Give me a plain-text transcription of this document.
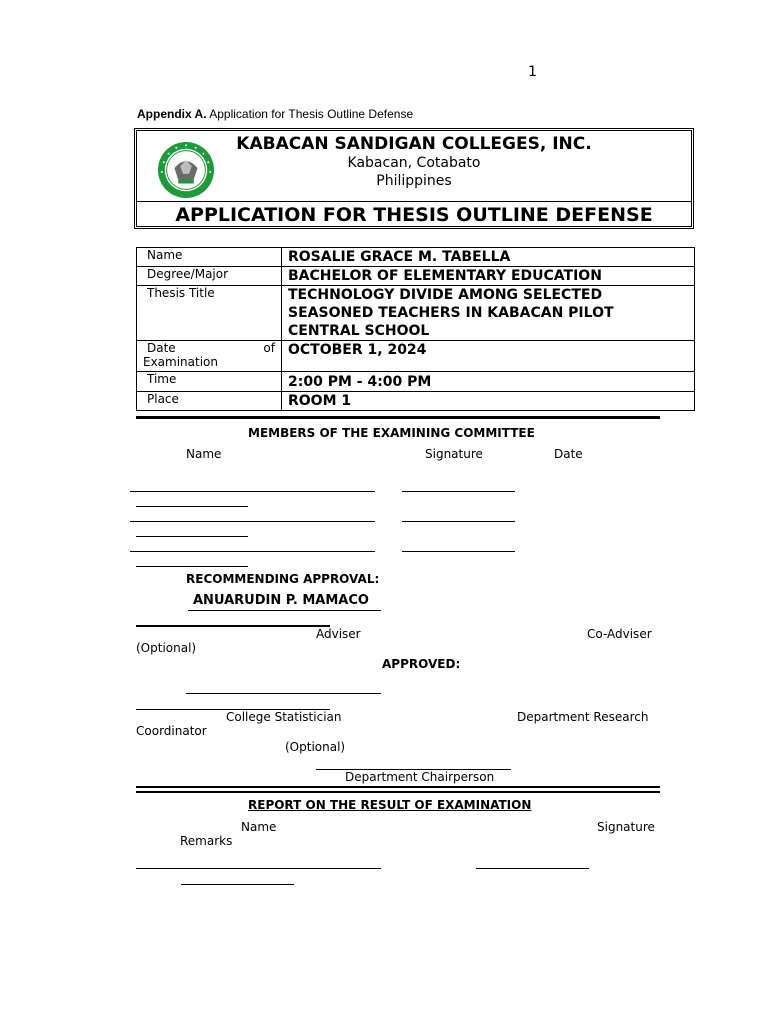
1
Appendix A. Application for Thesis Outline Defense
KABACAN SANDIGAN COLLEGES, INC.
Kabacan, Cotabato
Philippines
APPLICATION FOR THESIS OUTLINE DEFENSE
Name	ROSALIE GRACE M. TABELLA
Degree/Major	BACHELOR OF ELEMENTARY EDUCATION
Thesis Title	TECHNOLOGY DIVIDE AMONG SELECTED SEASONED TEACHERS IN KABACAN PILOT CENTRAL SCHOOL

Date of
Examination	OCTOBER 1, 2024
Time	2:00 PM - 4:00 PM
Place	ROOM 1
MEMBERS OF THE EXAMINING COMMITTEE
Name	Signature	Date
RECOMMENDING APPROVAL:
ANUARUDIN P. MAMACO
Adviser	Co-Adviser
(Optional)
APPROVED:
College Statistician	Department Research
Coordinator
(Optional)
Department Chairperson
REPORT ON THE RESULT OF EXAMINATION
Name	Signature
Remarks
